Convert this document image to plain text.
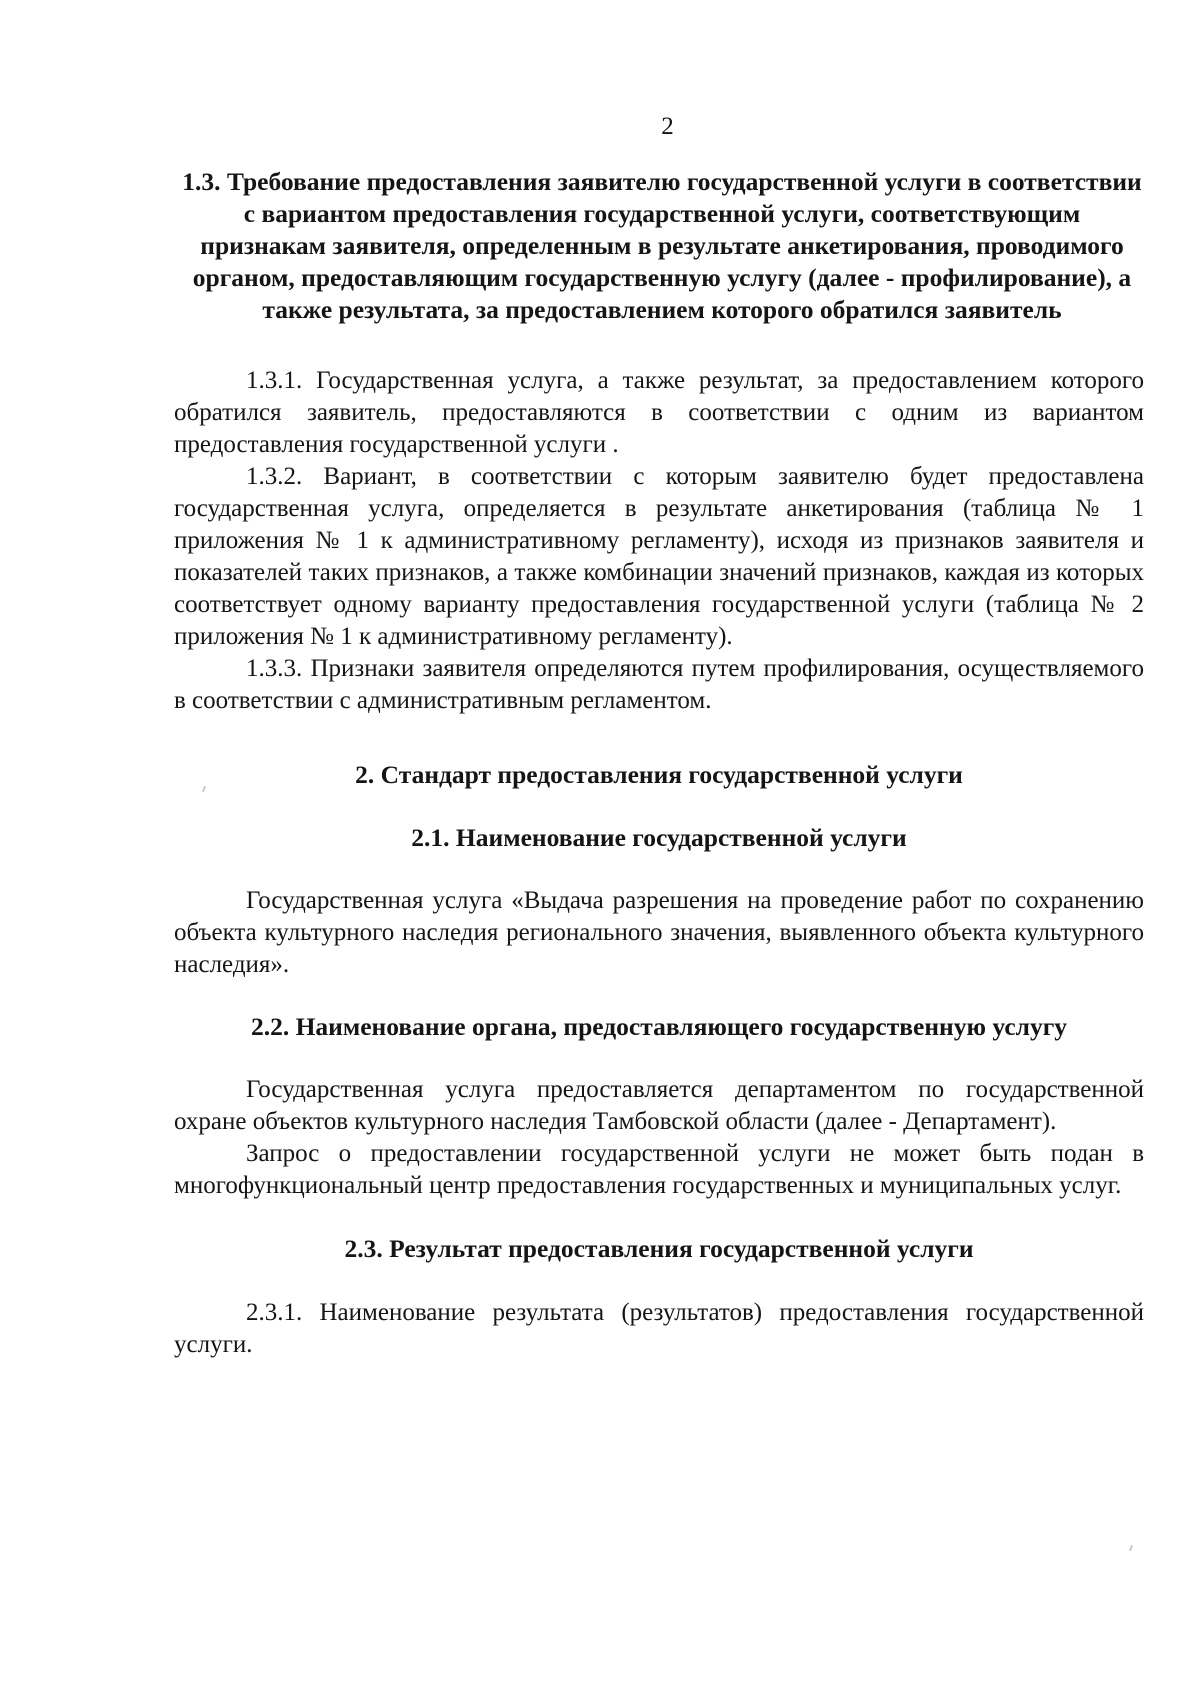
2
1.3. Требование предоставления заявителю государственной услуги в соответствии с вариантом предоставления государственной услуги, соответствующим признакам заявителя, определенным в результате анкетирования, проводимого органом, предоставляющим государственную услугу (далее - профилирование), а также результата, за предоставлением которого обратился заявитель

1.3.1. Государственная услуга, а также результат, за предоставлением которого обратился заявитель, предоставляются в соответствии с одним из вариантом предоставления государственной услуги .

1.3.2. Вариант, в соответствии с которым заявителю будет предоставлена государственная услуга, определяется в результате анкетирования (таблица № 1 приложения № 1 к административному регламенту), исходя из признаков заявителя и показателей таких признаков, а также комбинации значений признаков, каждая из которых соответствует одному варианту предоставления государственной услуги (таблица № 2 приложения № 1 к административному регламенту).

1.3.3. Признаки заявителя определяются путем профилирования, осуществляемого в соответствии с административным регламентом.

2. Стандарт предоставления государственной услуги
2.1. Наименование государственной услуги

Государственная услуга «Выдача разрешения на проведение работ по сохранению объекта культурного наследия регионального значения, выявленного объекта культурного наследия».

2.2. Наименование органа, предоставляющего государственную услугу

Государственная услуга предоставляется департаментом по государственной охране объектов культурного наследия Тамбовской области (далее - Департамент).

Запрос о предоставлении государственной услуги не может быть подан в многофункциональный центр предоставления государственных и муниципальных услуг.

2.3. Результат предоставления государственной услуги

2.3.1. Наименование результата (результатов) предоставления государственной услуги.
